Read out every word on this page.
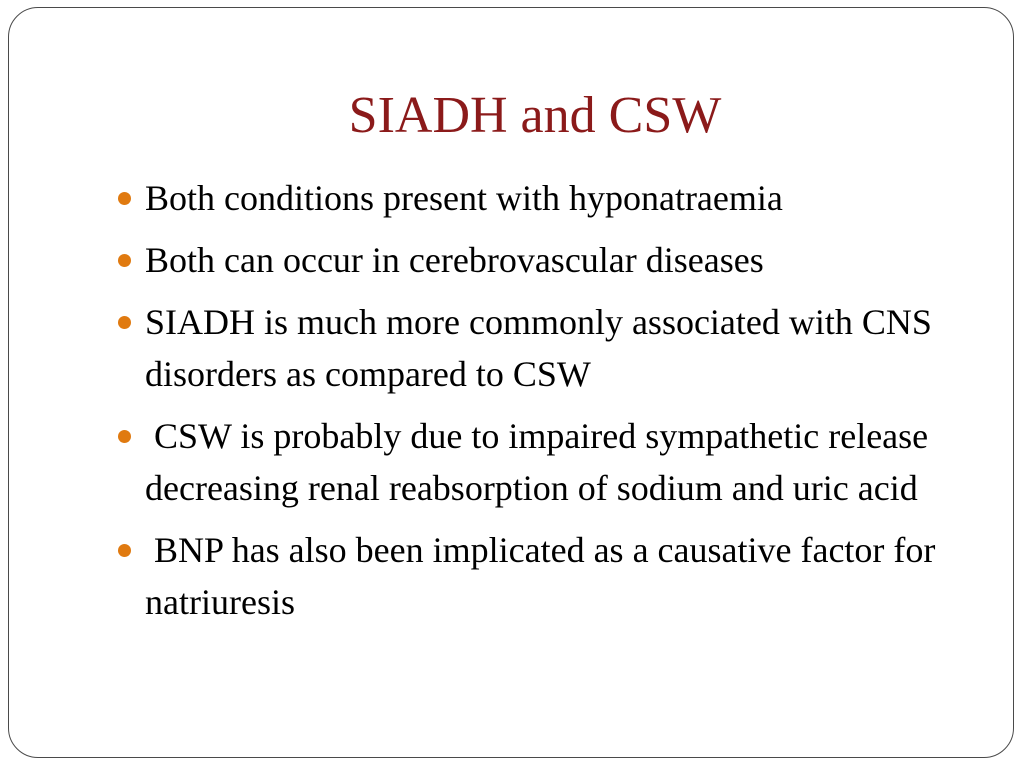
SIADH and CSW
Both conditions present with hyponatraemia
Both can occur in cerebrovascular diseases
SIADH is much more commonly associated with CNS disorders as compared to CSW
CSW is probably due to impaired sympathetic release decreasing renal reabsorption of sodium and uric acid
BNP has also been implicated as a causative factor for natriuresis
